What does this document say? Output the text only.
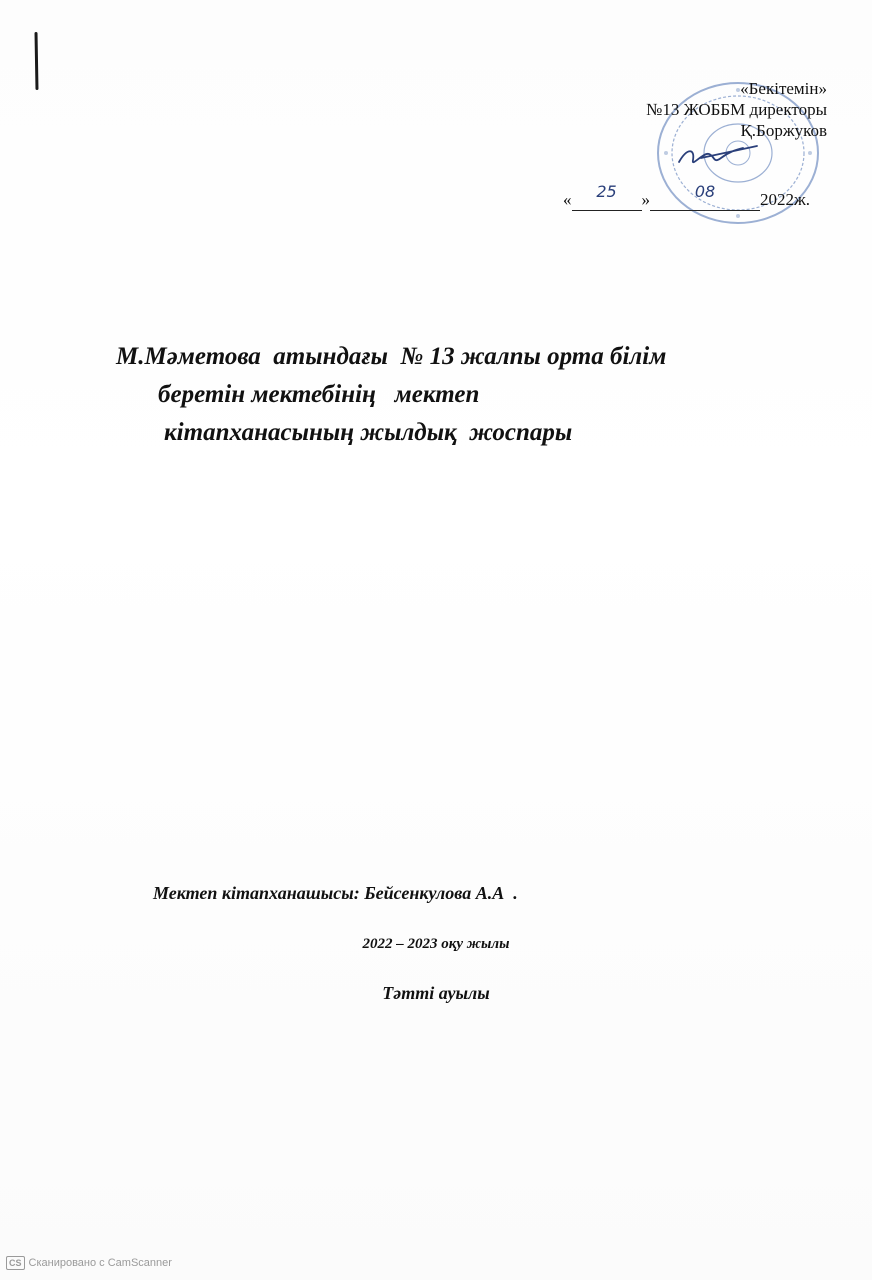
«Бекітемін»
№13 ЖОББМ директоры
Қ.Боржуков
«	25	»	08	2022ж.
М.Мәметова  атындағы  № 13 жалпы орта білім
беретін мектебінің   мектеп
кітапханасының жылдық  жоспары
Мектеп кітапханашысы: Бейсенкулова А.А  .
2022 – 2023 оқу жылы
Тәтті ауылы
CS Сканировано с CamScanner
